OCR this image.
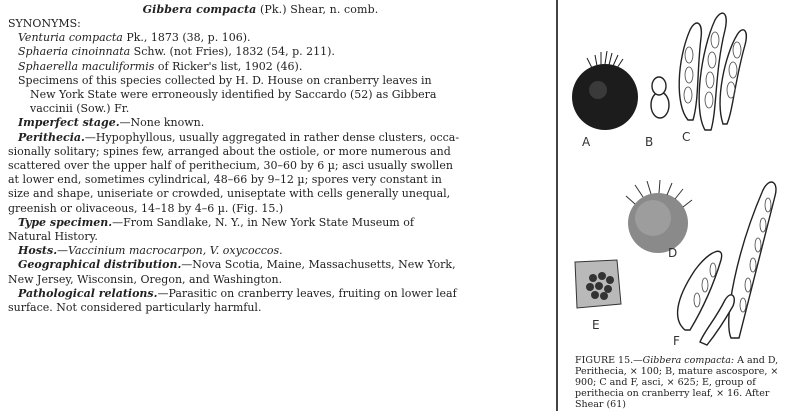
Gibbera compacta (Pk.) Shear, n. comb.
SYNONYMS:
Venturia compacta Pk., 1873 (38, p. 106).
Sphaeria cinoinnata Schw. (not Fries), 1832 (54, p. 211).
Sphaerella maculiformis of Ricker's list, 1902 (46).
Specimens of this species collected by H. D. House on cranberry leaves in
New York State were erroneously identified by Saccardo (52) as Gibbera
vaccinii (Sow.) Fr.
Imperfect stage.—None known.
Perithecia.—Hypophyllous, usually aggregated in rather dense clusters, occa-
sionally solitary; spines few, arranged about the ostiole, or more numerous and
scattered over the upper half of perithecium, 30–60 by 6 µ; asci usually swollen
at lower end, sometimes cylindrical, 48–66 by 9–12 µ; spores very constant in
size and shape, uniseriate or crowded, uniseptate with cells generally unequal,
greenish or olivaceous, 14–18 by 4–6 µ. (Fig. 15.)
Type specimen.—From Sandlake, N. Y., in New York State Museum of
Natural History.
Hosts.—Vaccinium macrocarpon, V. oxycoccos.
Geographical distribution.—Nova Scotia, Maine, Massachusetts, New York,
New Jersey, Wisconsin, Oregon, and Washington.
Pathological relations.—Parasitic on cranberry leaves, fruiting on lower leaf
surface. Not considered particularly harmful.
A	B C
D
E
F
FIGURE 15.—Gibbera compacta: A and D, Perithecia, × 100; B, mature ascospore, × 900; C and F, asci, × 625; E, group of perithecia on cranberry leaf, × 16. After Shear (61)
